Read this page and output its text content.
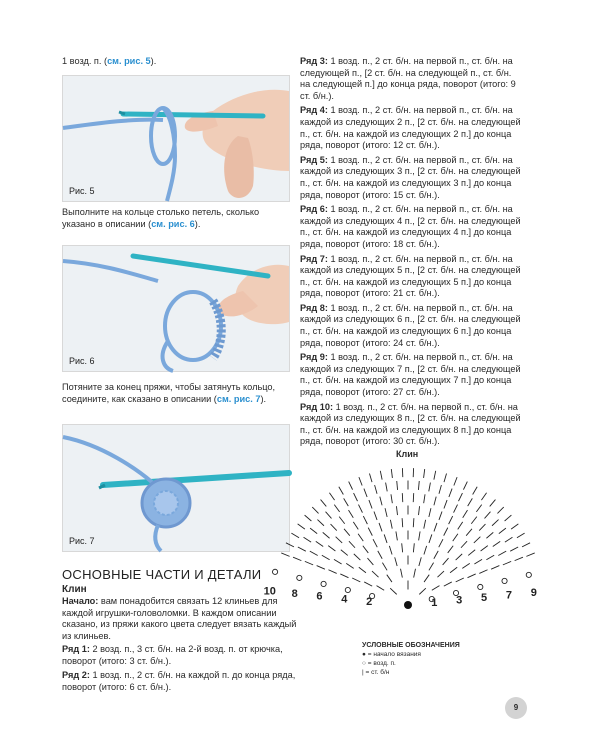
1 возд. п. (см. рис. 5).
Рис. 5
Выполните на кольце столько петель, сколько указано в описании (см. рис. 6).
Рис. 6
Потяните за конец пряжи, чтобы затянуть кольцо, соедините, как сказано в описании (см. рис. 7).
Рис. 7
ОСНОВНЫЕ ЧАСТИ И ДЕТАЛИ
Клин
Начало: вам понадобится связать 12 клиньев для каждой игрушки-головоломки. В каждом описании сказано, из пряжи какого цвета следует вязать каждый из клиньев.
Ряд 1: 2 возд. п., 3 ст. б/н. на 2-й возд. п. от крючка, поворот (итого: 3 ст. б/н.).
Ряд 2: 1 возд. п., 2 ст. б/н. на каждой п. до конца ряда, поворот (итого: 6 ст. б/н.).
Ряд 3: 1 возд. п., 2 ст. б/н. на первой п., ст. б/н. на следующей п., [2 ст. б/н. на следующей п., ст. б/н. на следующей п.] до конца ряда, поворот (итого: 9 ст. б/н.).
Ряд 4: 1 возд. п., 2 ст. б/н. на первой п., ст. б/н. на каждой из следующих 2 п., [2 ст. б/н. на следующей п., ст. б/н. на каждой из следующих 2 п.] до конца ряда, поворот (итого: 12 ст. б/н.).
Ряд 5: 1 возд. п., 2 ст. б/н. на первой п., ст. б/н. на каждой из следующих 3 п., [2 ст. б/н. на следующей п., ст. б/н. на каждой из следующих 3 п.] до конца ряда, поворот (итого: 15 ст. б/н.).
Ряд 6: 1 возд. п., 2 ст. б/н. на первой п., ст. б/н. на каждой из следующих 4 п., [2 ст. б/н. на следующей п., ст. б/н. на каждой из следующих 4 п.] до конца ряда, поворот (итого: 18 ст. б/н.).
Ряд 7: 1 возд. п., 2 ст. б/н. на первой п., ст. б/н. на каждой из следующих 5 п., [2 ст. б/н. на следующей п., ст. б/н. на каждой из следующих 5 п.] до конца ряда, поворот (итого: 21 ст. б/н.).
Ряд 8: 1 возд. п., 2 ст. б/н. на первой п., ст. б/н. на каждой из следующих 6 п., [2 ст. б/н. на следующей п., ст. б/н. на каждой из следующих 6 п.] до конца ряда, поворот (итого: 24 ст. б/н.).
Ряд 9: 1 возд. п., 2 ст. б/н. на первой п., ст. б/н. на каждой из следующих 7 п., [2 ст. б/н. на следующей п., ст. б/н. на каждой из следующих 7 п.] до конца ряда, поворот (итого: 27 ст. б/н.).
Ряд 10: 1 возд. п., 2 ст. б/н. на первой п., ст. б/н. на каждой из следующих 8 п., [2 ст. б/н. на следующей п., ст. б/н. на каждой из следующих 8 п.] до конца ряда, поворот (итого: 30 ст. б/н.).
Клин
1
2	3
4	5
6	7
8	9
10
УСЛОВНЫЕ ОБОЗНАЧЕНИЯ
● = начало вязания
○ = возд. п.
| = ст. б/н
9
